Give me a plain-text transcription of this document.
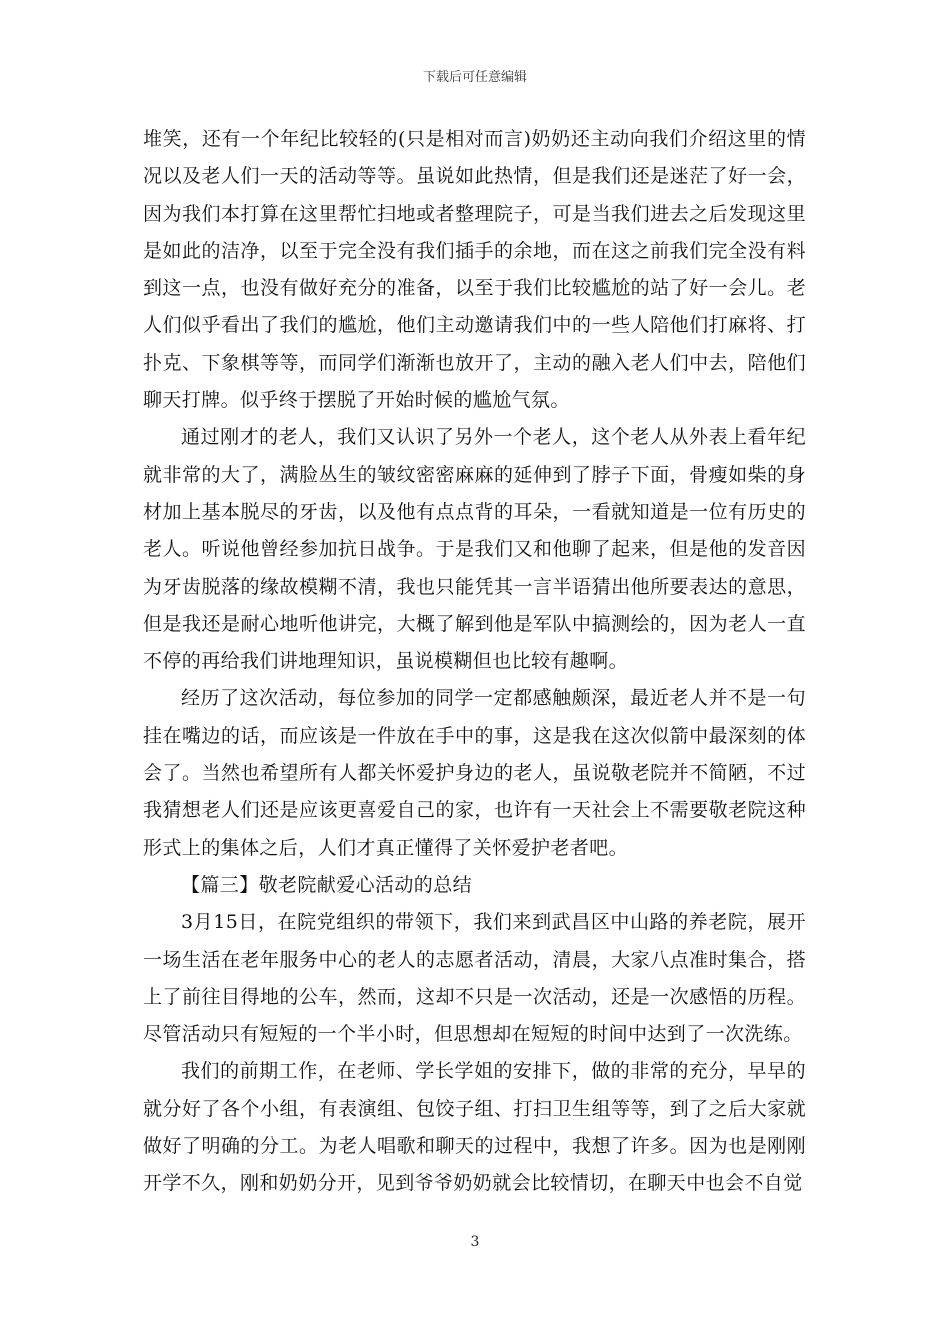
下载后可任意编辑

堆笑，还有一个年纪比较轻的(只是相对而言)奶奶还主动向我们介绍这里的情况以及老人们一天的活动等等。虽说如此热情，但是我们还是迷茫了好一会，因为我们本打算在这里帮忙扫地或者整理院子，可是当我们进去之后发现这里是如此的洁净，以至于完全没有我们插手的余地，而在这之前我们完全没有料到这一点，也没有做好充分的准备，以至于我们比较尴尬的站了好一会儿。老人们似乎看出了我们的尴尬，他们主动邀请我们中的一些人陪他们打麻将、打扑克、下象棋等等，而同学们渐渐也放开了，主动的融入老人们中去，陪他们聊天打牌。似乎终于摆脱了开始时候的尴尬气氛。

通过刚才的老人，我们又认识了另外一个老人，这个老人从外表上看年纪就非常的大了，满脸丛生的皱纹密密麻麻的延伸到了脖子下面，骨瘦如柴的身材加上基本脱尽的牙齿，以及他有点点背的耳朵，一看就知道是一位有历史的老人。听说他曾经参加抗日战争。于是我们又和他聊了起来，但是他的发音因为牙齿脱落的缘故模糊不清，我也只能凭其一言半语猜出他所要表达的意思，但是我还是耐心地听他讲完，大概了解到他是军队中搞测绘的，因为老人一直不停的再给我们讲地理知识，虽说模糊但也比较有趣啊。

经历了这次活动，每位参加的同学一定都感触颇深，最近老人并不是一句挂在嘴边的话，而应该是一件放在手中的事，这是我在这次似箭中最深刻的体会了。当然也希望所有人都关怀爱护身边的老人，虽说敬老院并不简陋，不过我猜想老人们还是应该更喜爱自己的家，也许有一天社会上不需要敬老院这种形式上的集体之后，人们才真正懂得了关怀爱护老者吧。

【篇三】敬老院献爱心活动的总结

3月15日，在院党组织的带领下，我们来到武昌区中山路的养老院，展开一场生活在老年服务中心的老人的志愿者活动，清晨，大家八点准时集合，搭上了前往目得地的公车，然而，这却不只是一次活动，还是一次感悟的历程。尽管活动只有短短的一个半小时，但思想却在短短的时间中达到了一次洗练。

我们的前期工作，在老师、学长学姐的安排下，做的非常的充分，早早的就分好了各个小组，有表演组、包饺子组、打扫卫生组等等，到了之后大家就做好了明确的分工。为老人唱歌和聊天的过程中，我想了许多。因为也是刚刚开学不久，刚和奶奶分开，见到爷爷奶奶就会比较情切，在聊天中也会不自觉

3
